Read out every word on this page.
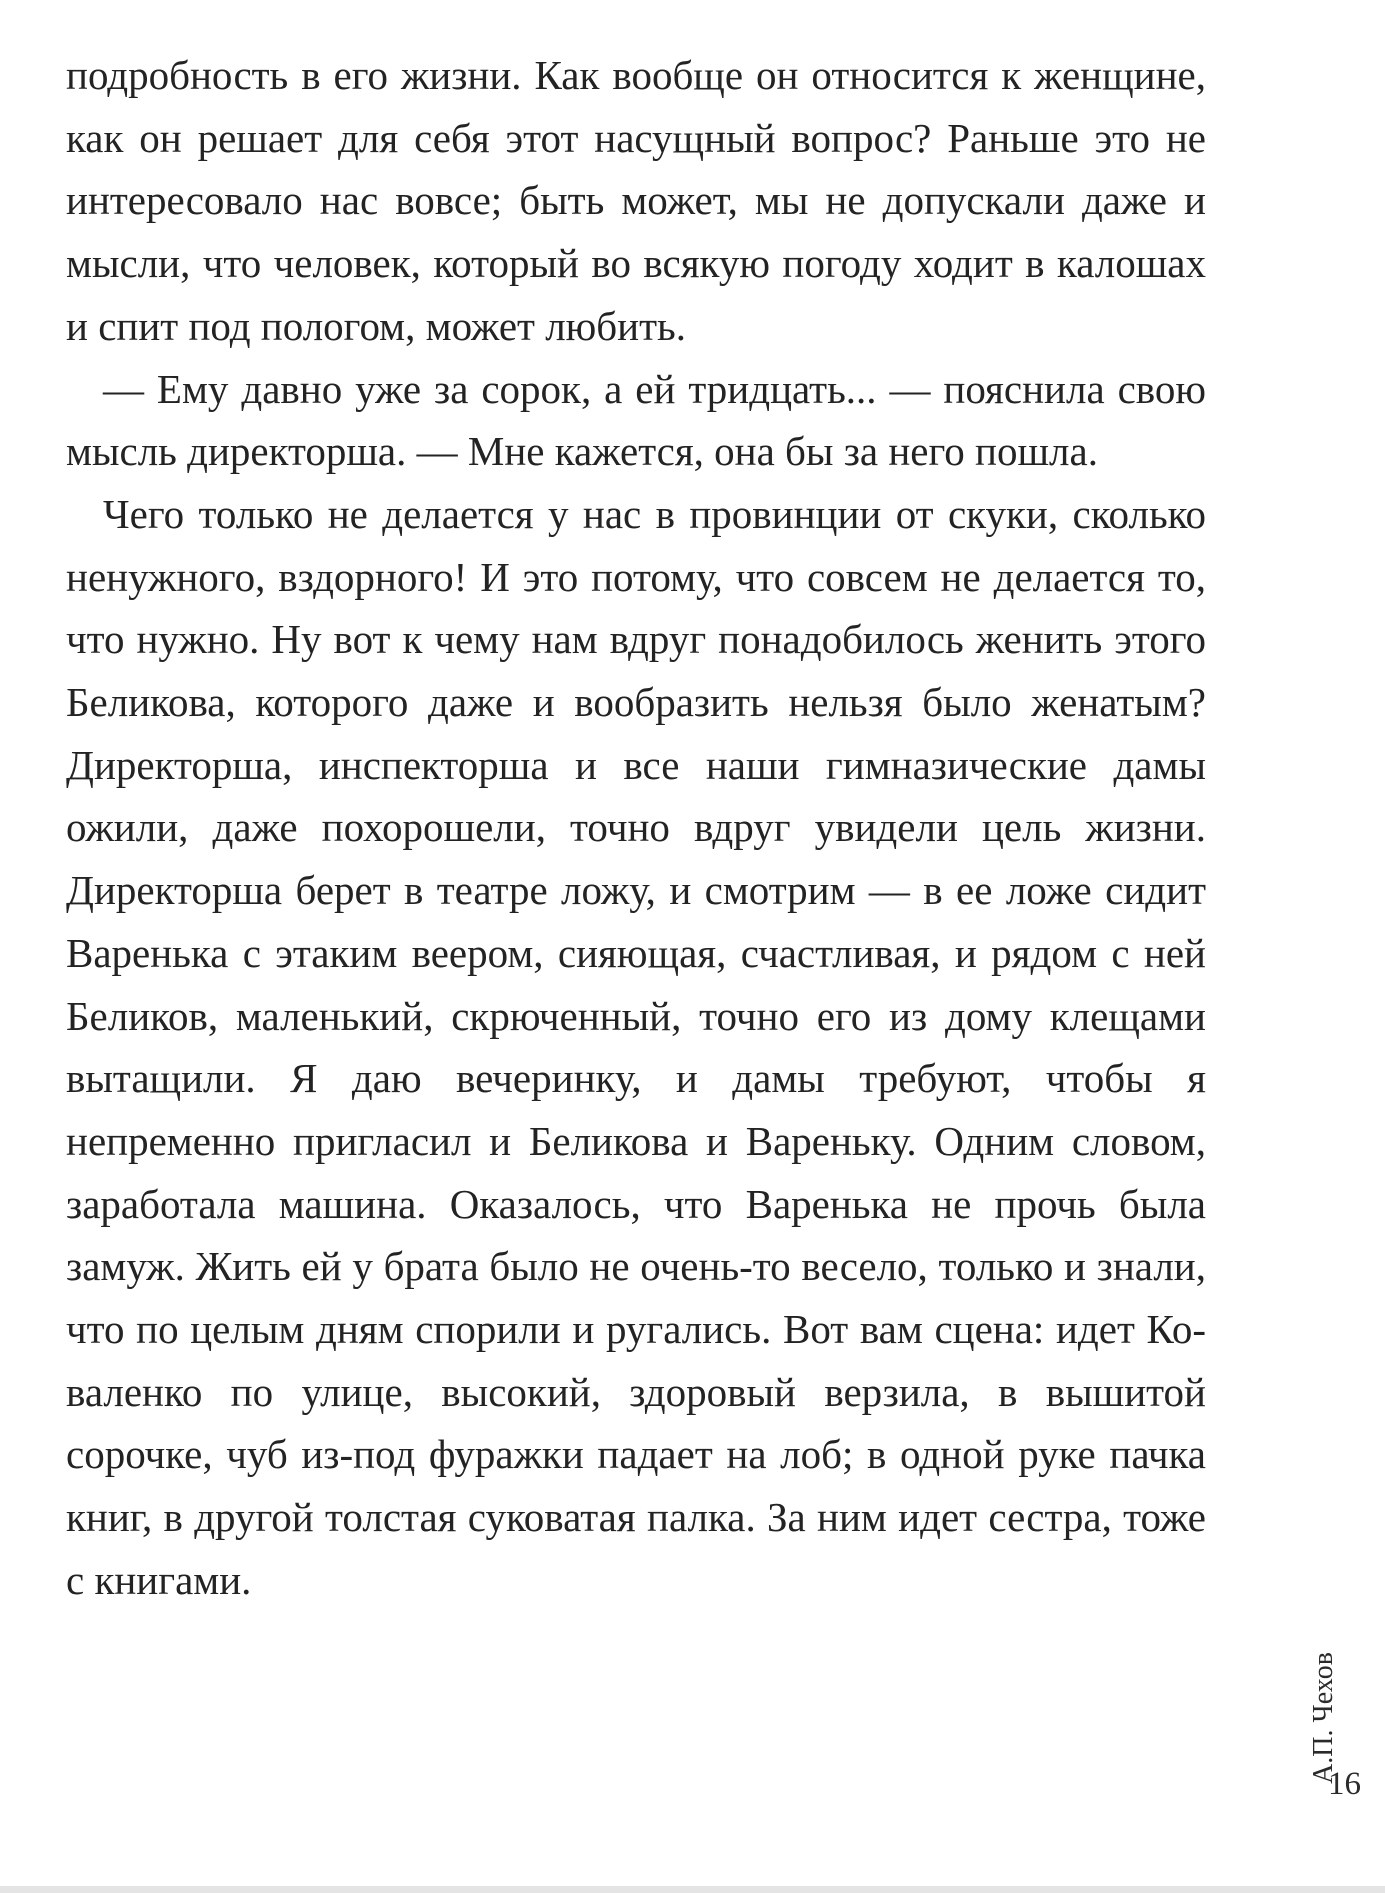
подробность в его жизни. Как вообще он относится к женщине, как он решает для себя этот насущный вопрос? Раньше это не интересовало нас вовсе; быть может, мы не допускали даже и мысли, что человек, который во всякую погоду ходит в калошах и спит под пологом, может любить.

— Ему давно уже за сорок, а ей тридцать... — пояснила свою мысль директорша. — Мне кажется, она бы за него пошла.

Чего только не делается у нас в провинции от скуки, сколько ненужного, вздорного! И это потому, что совсем не делается то, что нужно. Ну вот к чему нам вдруг понадобилось женить этого Беликова, которого даже и вообразить нельзя было женатым? Директорша, инспекторша и все наши гимназические дамы ожили, даже похорошели, точно вдруг увидели цель жизни. Директорша берет в театре ложу, и смотрим — в ее ложе сидит Варенька с этаким веером, сияющая, счастливая, и рядом с ней Беликов, маленький, скрюченный, точно его из дому клещами вытащили. Я даю вечеринку, и дамы требуют, чтобы я непременно пригласил и Беликова и Вареньку. Одним словом, заработала машина. Оказалось, что Варенька не прочь была замуж. Жить ей у брата было не очень-то весело, только и знали, что по целым дням спорили и ругались. Вот вам сцена: идет Коваленко по улице, высокий, здоровый верзила, в вышитой сорочке, чуб из-под фуражки падает на лоб; в одной руке пачка книг, в другой толстая суковатая палка. За ним идет сестра, тоже с книгами.

А.П. Чехов
16
